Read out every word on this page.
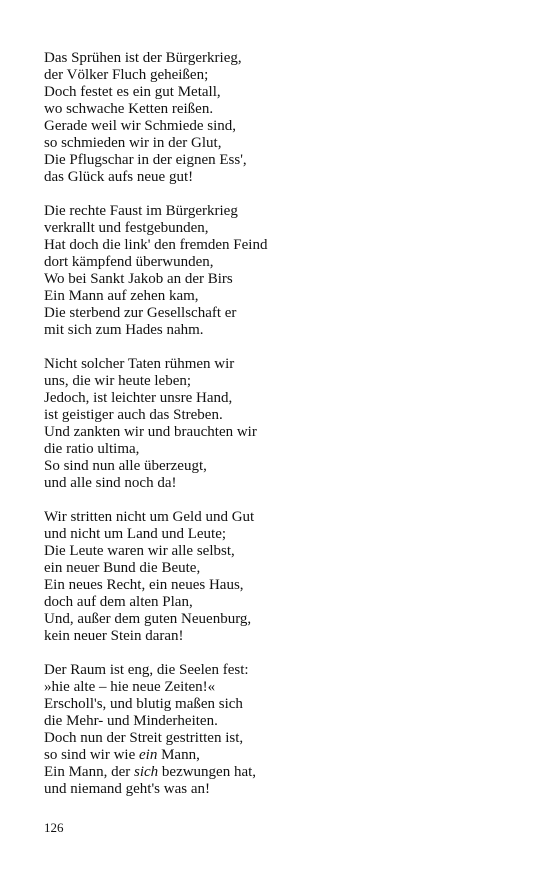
Das Sprühen ist der Bürgerkrieg,
der Völker Fluch geheißen;
Doch festet es ein gut Metall,
wo schwache Ketten reißen.
Gerade weil wir Schmiede sind,
so schmieden wir in der Glut,
Die Pflugschar in der eignen Ess',
das Glück aufs neue gut!
Die rechte Faust im Bürgerkrieg
verkrallt und festgebunden,
Hat doch die link' den fremden Feind
dort kämpfend überwunden,
Wo bei Sankt Jakob an der Birs
Ein Mann auf zehen kam,
Die sterbend zur Gesellschaft er
mit sich zum Hades nahm.
Nicht solcher Taten rühmen wir
uns, die wir heute leben;
Jedoch, ist leichter unsre Hand,
ist geistiger auch das Streben.
Und zankten wir und brauchten wir
die ratio ultima,
So sind nun alle überzeugt,
und alle sind noch da!
Wir stritten nicht um Geld und Gut
und nicht um Land und Leute;
Die Leute waren wir alle selbst,
ein neuer Bund die Beute,
Ein neues Recht, ein neues Haus,
doch auf dem alten Plan,
Und, außer dem guten Neuenburg,
kein neuer Stein daran!
Der Raum ist eng, die Seelen fest:
»hie alte – hie neue Zeiten!«
Erscholl's, und blutig maßen sich
die Mehr- und Minderheiten.
Doch nun der Streit gestritten ist,
so sind wir wie ein Mann,
Ein Mann, der sich bezwungen hat,
und niemand geht's was an!
126
